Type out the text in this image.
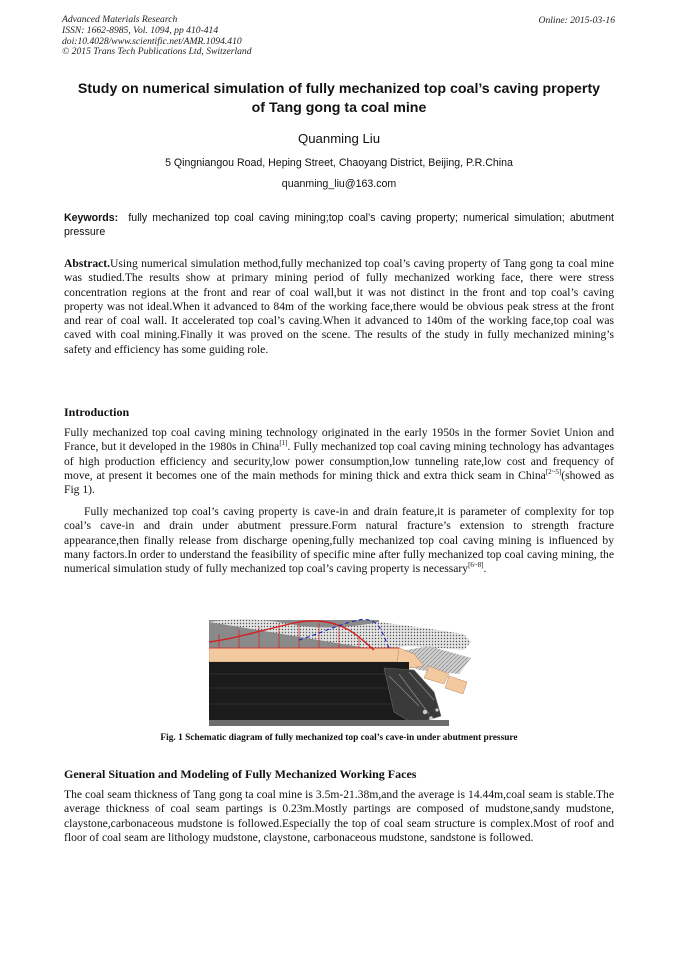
Advanced Materials Research
ISSN: 1662-8985, Vol. 1094, pp 410-414
doi:10.4028/www.scientific.net/AMR.1094.410
© 2015 Trans Tech Publications Ltd, Switzerland
Online: 2015-03-16
Study on numerical simulation of fully mechanized top coal’s caving property of Tang gong ta coal mine
Quanming Liu
5 Qingniangou Road, Heping Street, Chaoyang District, Beijing, P.R.China
quanming_liu@163.com
Keywords: fully mechanized top coal caving mining;top coal’s caving property; numerical simulation; abutment pressure

Abstract.Using numerical simulation method,fully mechanized top coal’s caving property of Tang gong ta coal mine was studied.The results show at primary mining period of fully mechanized working face, there were stress concentration regions at the front and rear of coal wall,but it was not distinct in the front and top coal’s caving property was not ideal.When it advanced to 84m of the working face,there would be obvious peak stress at the front and rear of coal wall. It accelerated top coal’s caving.When it advanced to 140m of the working face,top coal was caved with coal mining.Finally it was proved on the scene. The results of the study in fully mechanized mining’s safety and efficiency has some guiding role.

Introduction

Fully mechanized top coal caving mining technology originated in the early 1950s in the former Soviet Union and France, but it developed in the 1980s in China[1]. Fully mechanized top coal caving mining technology has advantages of high production efficiency and security,low power consumption,low tunneling rate,low cost and frequency of move, at present it becomes one of the main methods for mining thick and extra thick seam in China[2~5](showed as Fig 1).

Fully mechanized top coal’s caving property is cave-in and drain feature,it is parameter of complexity for top coal’s cave-in and drain under abutment pressure.Form natural fracture’s extension to strength fracture appearance,then finally release from discharge opening,fully mechanized top coal caving mining is influenced by many factors.In order to understand the feasibility of specific mine after fully mechanized top coal caving mining, the numerical simulation study of fully mechanized top coal’s caving property is necessary[6~8].

Fig. 1 Schematic diagram of fully mechanized top coal’s cave-in under abutment pressure
General Situation and Modeling of Fully Mechanized Working Faces

The coal seam thickness of Tang gong ta coal mine is 3.5m-21.38m,and the average is 14.44m,coal seam is stable.The average thickness of coal seam partings is 0.23m.Mostly partings are composed of mudstone,sandy mudstone, claystone,carbonaceous mudstone is followed.Especially the top of coal seam structure is complex.Most of roof and floor of coal seam are lithology mudstone, claystone, carbonaceous mudstone, sandstone is followed.
